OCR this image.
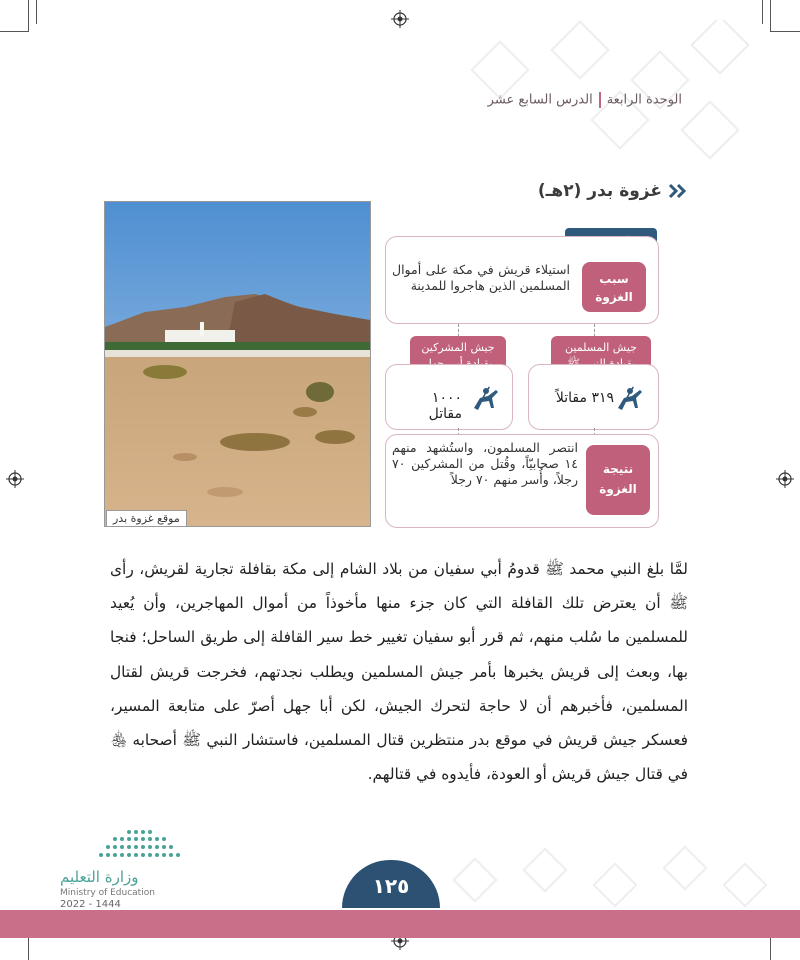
الوحدة الرابعةالدرس السابع عشر
غزوة بدر (٢هـ)
موقع غزوة بدر
استيلاء قريش في مكة على أموال المسلمين الذين هاجروا للمدينة	سبب الغزوة
جيش المشركين	جيش المسلمين
١٠٠٠ مقاتل
٣١٩ مقاتلاً
انتصر المسلمون، واستُشهد منهم ١٤ صحابيّاً، وقُتل من المشركين ٧٠ رجلاً، وأُسر منهم ٧٠ رجلاً
نتيجة الغزوة
لمَّا بلغ النبي محمد ﷺ قدومُ أبي سفيان من بلاد الشام إلى مكة بقافلة تجارية لقريش، رأى ﷺ أن يعترض تلك القافلة التي كان جزء منها مأخوذاً من أموال المهاجرين، وأن يُعيد للمسلمين ما سُلب منهم، ثم قرر أبو سفيان تغيير خط سير القافلة إلى طريق الساحل؛ فنجا بها، وبعث إلى قريش يخبرها بأمر جيش المسلمين ويطلب نجدتهم، فخرجت قريش لقتال المسلمين، فأخبرهم أن لا حاجة لتحرك الجيش، لكن أبا جهل أصرّ على متابعة المسير، فعسكر جيش قريش في موقع بدر منتظرين قتال المسلمين، فاستشار النبي ﷺ أصحابه ﵃ في قتال جيش قريش أو العودة، فأيدوه في قتالهم.
وزارة التعليم
Ministry of Education
2022 - 1444
١٢٥
